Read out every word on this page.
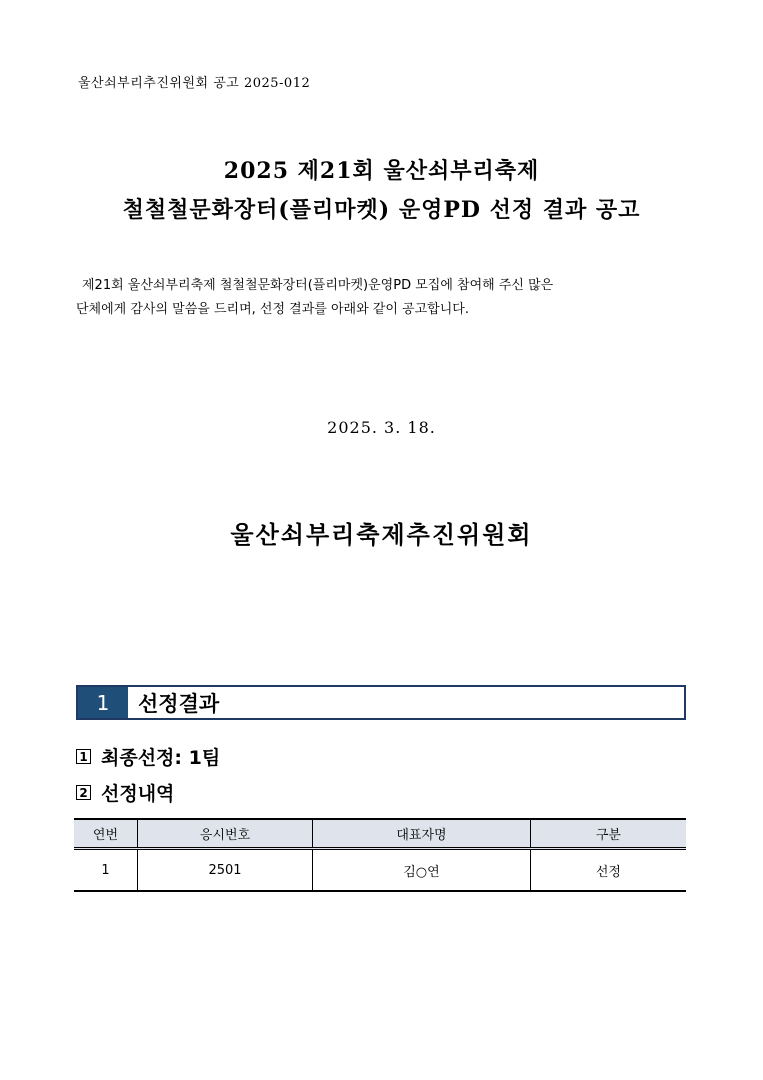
울산쇠부리추진위원회 공고 2025-012
2025 제21회 울산쇠부리축제
철철철문화장터(플리마켓) 운영PD 선정 결과 공고
제21회 울산쇠부리축제 철철철문화장터(플리마켓)운영PD 모집에 참여해 주신 많은
단체에게 감사의 말씀을 드리며, 선정 결과를 아래와 같이 공고합니다.
2025. 3. 18.
울산쇠부리축제추진위원회
1	선정결과
1 최종선정: 1팀
2 선정내역
연번	응시번호	대표자명	구분
1	2501	김○연	선정
